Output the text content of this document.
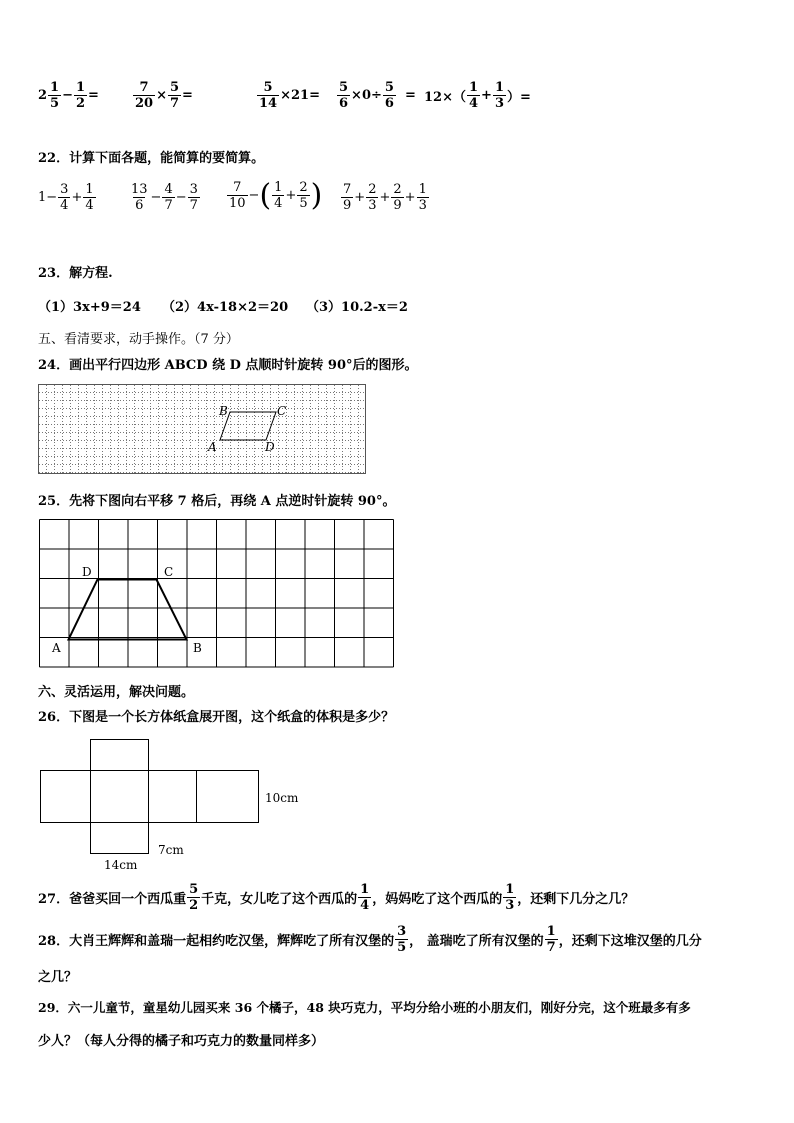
$2 \frac{1}{5} - \frac{1}{2}$ =	$\frac{7}{20} \times \frac{5}{7}$ =	$\frac{5}{14} \times 21= \frac{5}{6} \times 0\div \frac{5}{6} = 12\times( \frac{1}{4} + \frac{1}{3}$ ）=
22．计算下面各题，能简算的要简算。
$1- \frac{3}{4} + \frac{1}{4}$	$\frac{13}{6} - \frac{4}{7} - \frac{3}{7} \frac{7}{10}$ − ( $\frac{1}{4} + \frac{2}{5}$ ) $\frac{7}{9} + \frac{2}{3} + \frac{2}{9} + \frac{1}{3}$
23．解方程.
（1）3x+9＝24 （2）4x-18×2＝20 （3）10.2-x＝2
五、看清要求，动手操作。（7 分）
24．画出平行四边形 ABCD 绕 D 点顺时针旋转 90°后的图形。
B	C
A	D
25．先将下图向右平移 7 格后，再绕 A 点逆时针旋转 90°。
D	C
A	B
六、灵活运用，解决问题。
26．下图是一个长方体纸盒展开图，这个纸盒的体积是多少？
10cm
7cm
14cm
27．爸爸买回一个西瓜重 $\frac{5}{2}$ 千克，女儿吃了这个西瓜的 $\frac{1}{4}$ ，妈妈吃了这个西瓜的 $\frac{1}{3}$ ，还剩下几分之几？
28．大肖王辉辉和盖瑞一起相约吃汉堡，辉辉吃了所有汉堡的 $\frac{3}{5}$ ， 盖瑞吃了所有汉堡的 $\frac{1}{7}$ ，还剩下这堆汉堡的几分
之几？
29．六一儿童节，童星幼儿园买来 36 个橘子，48 块巧克力，平均分给小班的小朋友们，刚好分完，这个班最多有多
少人？（每人分得的橘子和巧克力的数量同样多）
